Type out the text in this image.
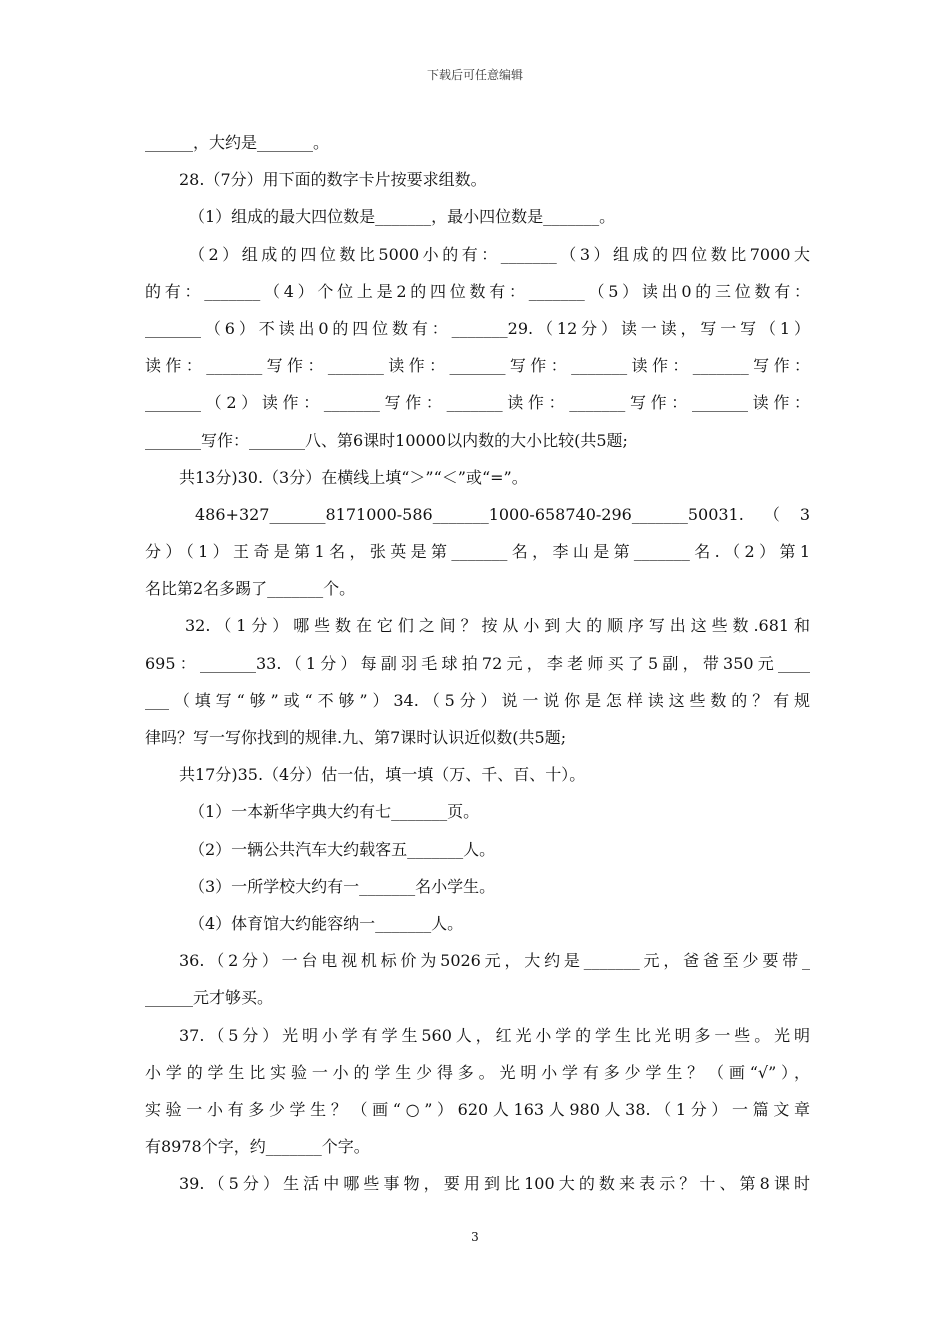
下载后可任意编辑
______，大约是_______。
28.（7分）用下面的数字卡片按要求组数。
（1）组成的最大四位数是_______，最小四位数是_______。
（2）组成的四位数比5000小的有：_______（3）组成的四位数比7000大
的有：_______（4）个位上是2的四位数有：_______（5）读出0的三位数有：
_______（6）不读出0的四位数有：_______29.（12分）读一读，写一写（1）
读作：_______写作：_______读作：_______写作：_______读作：_______写作：
_______（2）读作：_______写作：_______读作：_______写作：_______读作：
_______写作：_______八、第6课时10000以内数的大小比较(共5题;
共13分)30.（3分）在横线上填“＞”“＜”或“=”。
486+327_______8171000-586_______1000-658740-296_______50031.（3
分）（1）王奇是第1名，张英是第_______名，李山是第_______名.（2）第1
名比第2名多踢了_______个。
32.（1分）哪些数在它们之间？按从小到大的顺序写出这些数.681和
695：_______33.（1分）每副羽毛球拍72元，李老师买了5副，带350元____
___（填写“够”或“不够”）34.（5分）说一说你是怎样读这些数的？有规
律吗？写一写你找到的规律.九、第7课时认识近似数(共5题;
共17分)35.（4分）估一估，填一填（万、千、百、十）。
（1）一本新华字典大约有七_______页。
（2）一辆公共汽车大约载客五_______人。
（3）一所学校大约有一_______名小学生。
（4）体育馆大约能容纳一_______人。
36.（2分）一台电视机标价为5026元，大约是_______元，爸爸至少要带_
______元才够买。
37.（5分）光明小学有学生560人，红光小学的学生比光明多一些。光明
小学的学生比实验一小的学生少得多。光明小学有多少学生？（画“√”），
实验一小有多少学生？（画“○”）620人163人980人38.（1分）一篇文章
有8978个字，约_______个字。
39.（5分）生活中哪些事物，要用到比100大的数来表示？十、第8课时
3
